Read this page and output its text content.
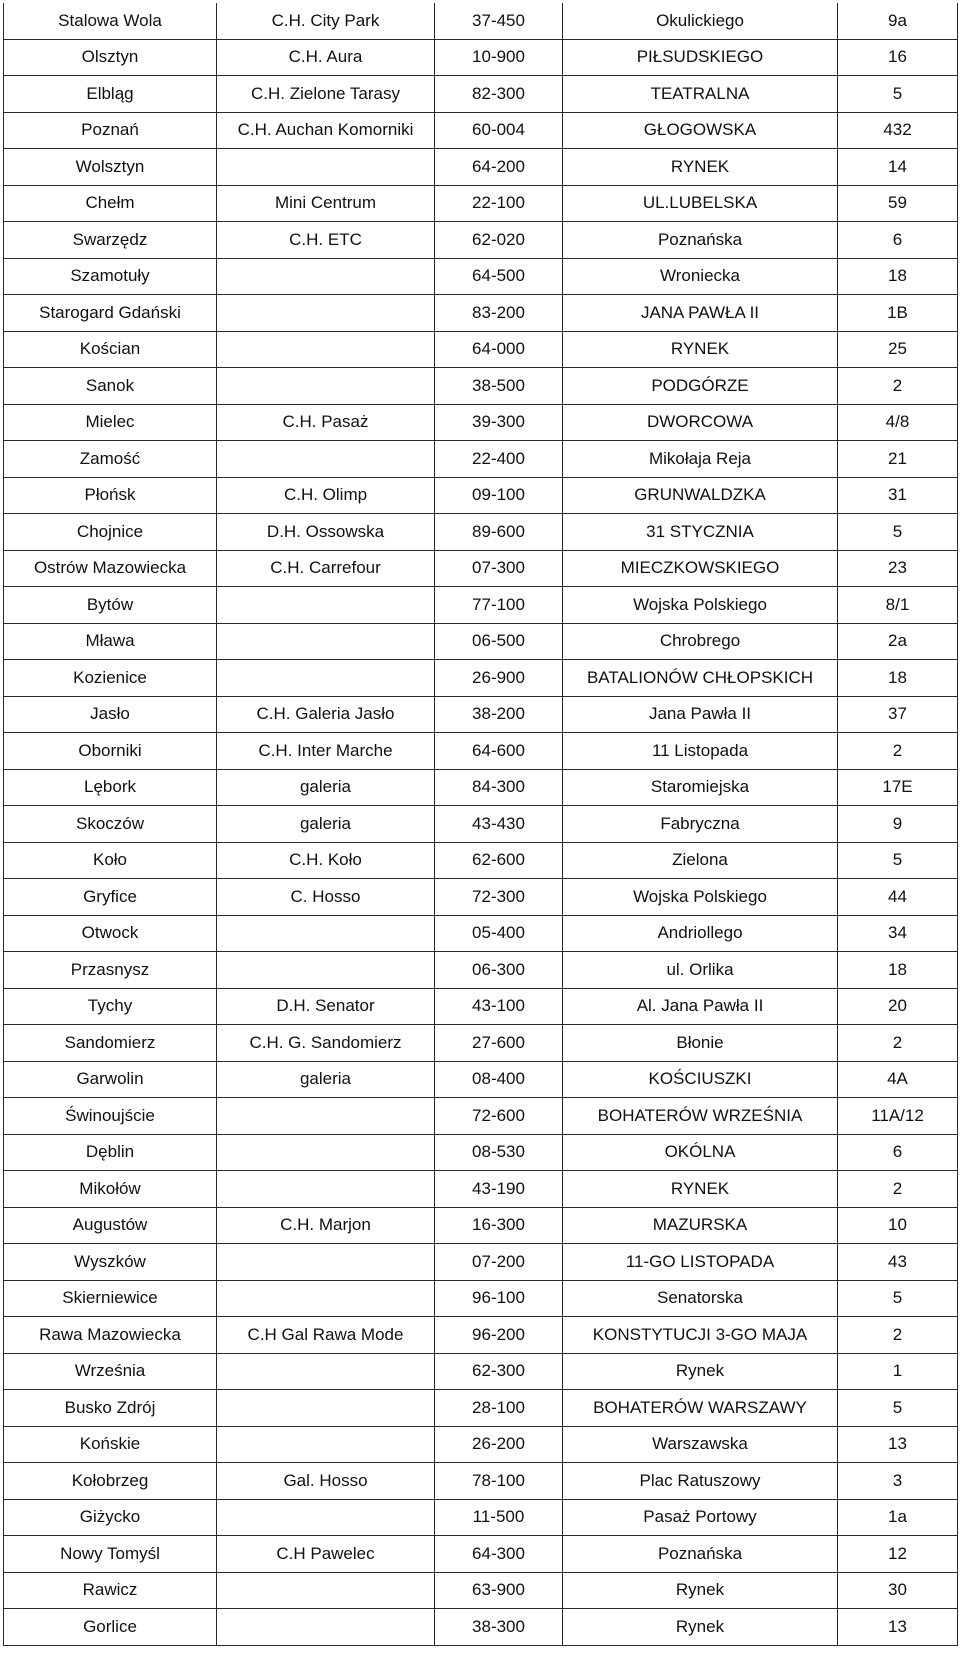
Stalowa Wola	C.H. City Park	37-450	Okulickiego	9a
Olsztyn	C.H. Aura	10-900	PIŁSUDSKIEGO	16
Elbląg	C.H. Zielone Tarasy	82-300	TEATRALNA	5
Poznań	C.H. Auchan Komorniki	60-004	GŁOGOWSKA	432
Wolsztyn		64-200	RYNEK	14
Chełm	Mini Centrum	22-100	UL.LUBELSKA	59
Swarzędz	C.H. ETC	62-020	Poznańska	6
Szamotuły		64-500	Wroniecka	18
Starogard Gdański		83-200	JANA PAWŁA II	1B
Kościan		64-000	RYNEK	25
Sanok		38-500	PODGÓRZE	2
Mielec	C.H. Pasaż	39-300	DWORCOWA	4/8
Zamość		22-400	Mikołaja Reja	21
Płońsk	C.H. Olimp	09-100	GRUNWALDZKA	31
Chojnice	D.H. Ossowska	89-600	31 STYCZNIA	5
Ostrów Mazowiecka	C.H. Carrefour	07-300	MIECZKOWSKIEGO	23
Bytów		77-100	Wojska Polskiego	8/1
Mława		06-500	Chrobrego	2a
Kozienice		26-900	BATALIONÓW CHŁOPSKICH	18
Jasło	C.H. Galeria Jasło	38-200	Jana Pawła II	37
Oborniki	C.H. Inter Marche	64-600	11 Listopada	2
Lębork	galeria	84-300	Staromiejska	17E
Skoczów	galeria	43-430	Fabryczna	9
Koło	C.H. Koło	62-600	Zielona	5
Gryfice	C. Hosso	72-300	Wojska Polskiego	44
Otwock		05-400	Andriollego	34
Przasnysz		06-300	ul. Orlika	18
Tychy	D.H. Senator	43-100	Al. Jana Pawła II	20
Sandomierz	C.H. G. Sandomierz	27-600	Błonie	2
Garwolin	galeria	08-400	KOŚCIUSZKI	4A
Świnoujście		72-600	BOHATERÓW WRZEŚNIA	11A/12
Dęblin		08-530	OKÓLNA	6
Mikołów		43-190	RYNEK	2
Augustów	C.H. Marjon	16-300	MAZURSKA	10
Wyszków		07-200	11-GO LISTOPADA	43
Skierniewice		96-100	Senatorska	5
Rawa Mazowiecka	C.H Gal Rawa Mode	96-200	KONSTYTUCJI 3-GO MAJA	2
Września		62-300	Rynek	1
Busko Zdrój		28-100	BOHATERÓW WARSZAWY	5
Końskie		26-200	Warszawska	13
Kołobrzeg	Gal. Hosso	78-100	Plac Ratuszowy	3
Giżycko		11-500	Pasaż Portowy	1a
Nowy Tomyśl	C.H Pawelec	64-300	Poznańska	12
Rawicz		63-900	Rynek	30
Gorlice		38-300	Rynek	13
